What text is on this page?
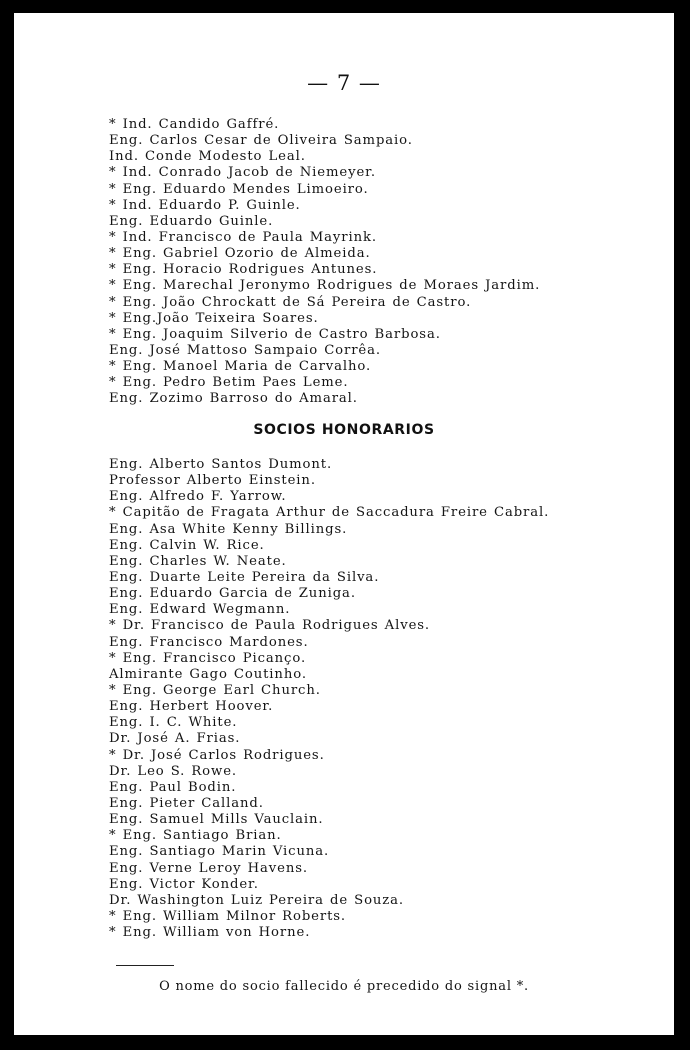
— 7 —
* Ind. Candido Gaffré.
Eng. Carlos Cesar de Oliveira Sampaio.
Ind. Conde Modesto Leal.
* Ind. Conrado Jacob de Niemeyer.
* Eng. Eduardo Mendes Limoeiro.
* Ind. Eduardo P. Guinle.
Eng. Eduardo Guinle.
* Ind. Francisco de Paula Mayrink.
* Eng. Gabriel Ozorio de Almeida.
* Eng. Horacio Rodrigues Antunes.
* Eng. Marechal Jeronymo Rodrigues de Moraes Jardim.
* Eng. João Chrockatt de Sá Pereira de Castro.
* Eng.João Teixeira Soares.
* Eng. Joaquim Silverio de Castro Barbosa.
Eng. José Mattoso Sampaio Corrêa.
* Eng. Manoel Maria de Carvalho.
* Eng. Pedro Betim Paes Leme.
Eng. Zozimo Barroso do Amaral.
SOCIOS HONORARIOS
Eng. Alberto Santos Dumont.
Professor Alberto Einstein.
Eng. Alfredo F. Yarrow.
* Capitão de Fragata Arthur de Saccadura Freire Cabral.
Eng. Asa White Kenny Billings.
Eng. Calvin W. Rice.
Eng. Charles W. Neate.
Eng. Duarte Leite Pereira da Silva.
Eng. Eduardo Garcia de Zuniga.
Eng. Edward Wegmann.
* Dr. Francisco de Paula Rodrigues Alves.
Eng. Francisco Mardones.
* Eng. Francisco Picanço.
Almirante Gago Coutinho.
* Eng. George Earl Church.
Eng. Herbert Hoover.
Eng. I. C. White.
Dr. José A. Frias.
* Dr. José Carlos Rodrigues.
Dr. Leo S. Rowe.
Eng. Paul Bodin.
Eng. Pieter Calland.
Eng. Samuel Mills Vauclain.
* Eng. Santiago Brian.
Eng. Santiago Marin Vicuna.
Eng. Verne Leroy Havens.
Eng. Victor Konder.
Dr. Washington Luiz Pereira de Souza.
* Eng. William Milnor Roberts.
* Eng. William von Horne.
O nome do socio fallecido é precedido do signal *.
